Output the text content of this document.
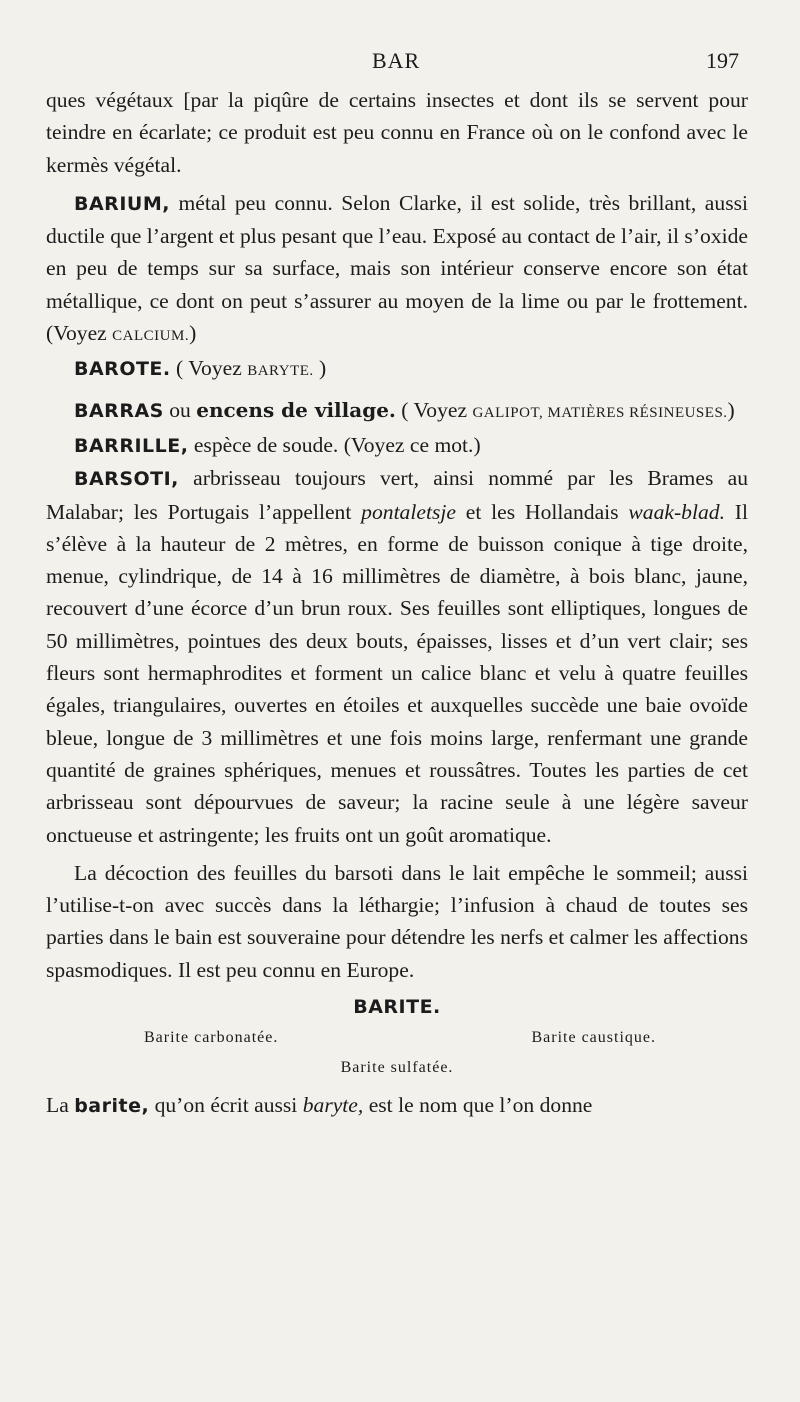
BAR	197

ques végétaux [par la piqûre de certains insectes et dont ils se servent pour teindre en écarlate; ce produit est peu connu en France où on le confond avec le kermès végétal.

BARIUM, métal peu connu. Selon Clarke, il est solide, très brillant, aussi ductile que l’argent et plus pesant que l’eau. Exposé au contact de l’air, il s’oxide en peu de temps sur sa surface, mais son intérieur conserve encore son état métallique, ce dont on peut s’assurer au moyen de la lime ou par le frottement. (Voyez CALCIUM.)

BAROTE. ( Voyez BARYTE. )

BARRAS ou encens de village. ( Voyez GALIPOT, MATIÈRES RÉSINEUSES.)

BARRILLE, espèce de soude. (Voyez ce mot.)

BARSOTI, arbrisseau toujours vert, ainsi nommé par les Brames au Malabar; les Portugais l’appellent pontaletsje et les Hollandais waak-blad. Il s’élève à la hauteur de 2 mètres, en forme de buisson conique à tige droite, menue, cylindrique, de 14 à 16 millimètres de diamètre, à bois blanc, jaune, recouvert d’une écorce d’un brun roux. Ses feuilles sont elliptiques, longues de 50 millimètres, pointues des deux bouts, épaisses, lisses et d’un vert clair; ses fleurs sont hermaphrodites et forment un calice blanc et velu à quatre feuilles égales, triangulaires, ouvertes en étoiles et auxquelles succède une baie ovoïde bleue, longue de 3 millimètres et une fois moins large, renfermant une grande quantité de graines sphériques, menues et roussâtres. Toutes les parties de cet arbrisseau sont dépourvues de saveur; la racine seule à une légère saveur onctueuse et astringente; les fruits ont un goût aromatique.

La décoction des feuilles du barsoti dans le lait empêche le sommeil; aussi l’utilise-t-on avec succès dans la léthargie; l’infusion à chaud de toutes ses parties dans le bain est souveraine pour détendre les nerfs et calmer les affections spasmodiques. Il est peu connu en Europe.

BARITE.

Barite carbonatée.	Barite caustique.
Barite sulfatée.

La barite, qu’on écrit aussi baryte, est le nom que l’on donne
